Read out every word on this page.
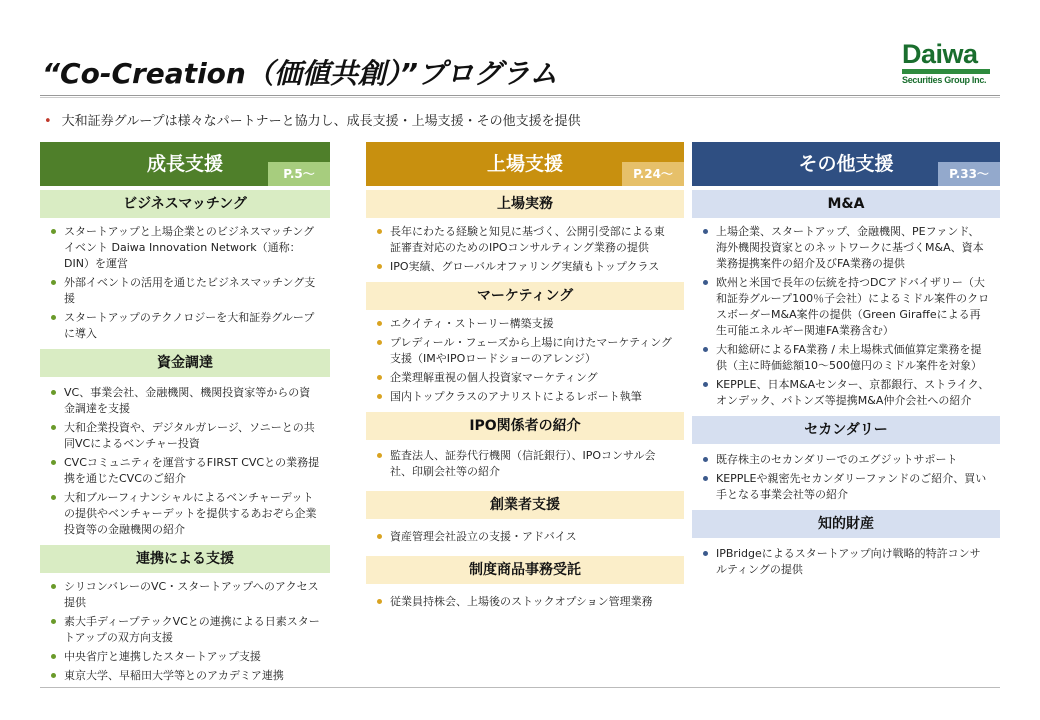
“Co-Creation（価値共創）”プログラム
Daiwa
Securities Group Inc.
• 大和証券グループは様々なパートナーと協力し、成長支援・上場支援・その他支援を提供
成長支援	P.5〜
ビジネスマッチング
スタートアップと上場企業とのビジネスマッチングイベント Daiwa Innovation Network（通称：DIN）を運営
外部イベントの活用を通じたビジネスマッチング支援
スタートアップのテクノロジーを大和証券グループに導入
資金調達
VC、事業会社、金融機関、機関投資家等からの資金調達を支援
大和企業投資や、デジタルガレージ、ソニーとの共同VCによるベンチャー投資
CVCコミュニティを運営するFIRST CVCとの業務提携を通じたCVCのご紹介
大和ブルーフィナンシャルによるベンチャーデットの提供やベンチャーデットを提供するあおぞら企業投資等の金融機関の紹介
連携による支援
シリコンバレーのVC・スタートアップへのアクセス提供
素大手ディープテックVCとの連携による日素スタートアップの双方向支援
中央省庁と連携したスタートアップ支援
東京大学、早稲田大学等とのアカデミア連携
上場支援	P.24〜
上場実務
長年にわたる経験と知見に基づく、公開引受部による東証審査対応のためのIPOコンサルティング業務の提供
IPO実績、グローバルオファリング実績もトップクラス
マーケティング
エクイティ・ストーリー構築支援
プレディール・フェーズから上場に向けたマーケティング支援（IMやIPOロードショーのアレンジ）
企業理解重視の個人投資家マーケティング
国内トップクラスのアナリストによるレポート執筆
IPO関係者の紹介
監査法人、証券代行機関（信託銀行）、IPOコンサル会社、印刷会社等の紹介
創業者支援
資産管理会社設立の支援・アドバイス
制度商品事務受託
従業員持株会、上場後のストックオプション管理業務
その他支援	P.33〜
M&A
上場企業、スタートアップ、金融機関、PEファンド、海外機関投資家とのネットワークに基づくM&A、資本業務提携案件の紹介及びFA業務の提供
欧州と米国で長年の伝統を持つDCアドバイザリー（大和証券グループ100％子会社）によるミドル案件のクロスボーダーM&A案件の提供（Green Giraffeによる再生可能エネルギー関連FA業務含む）
大和総研によるFA業務 / 未上場株式価値算定業務を提供（主に時価総額10～500億円のミドル案件を対象）
KEPPLE、日本M&Aセンター、京都銀行、ストライク、オンデック、バトンズ等提携M&A仲介会社への紹介
セカンダリー
既存株主のセカンダリーでのエグジットサポート
KEPPLEや親密先セカンダリーファンドのご紹介、買い手となる事業会社等の紹介
知的財産
IPBridgeによるスタートアップ向け戦略的特許コンサルティングの提供
